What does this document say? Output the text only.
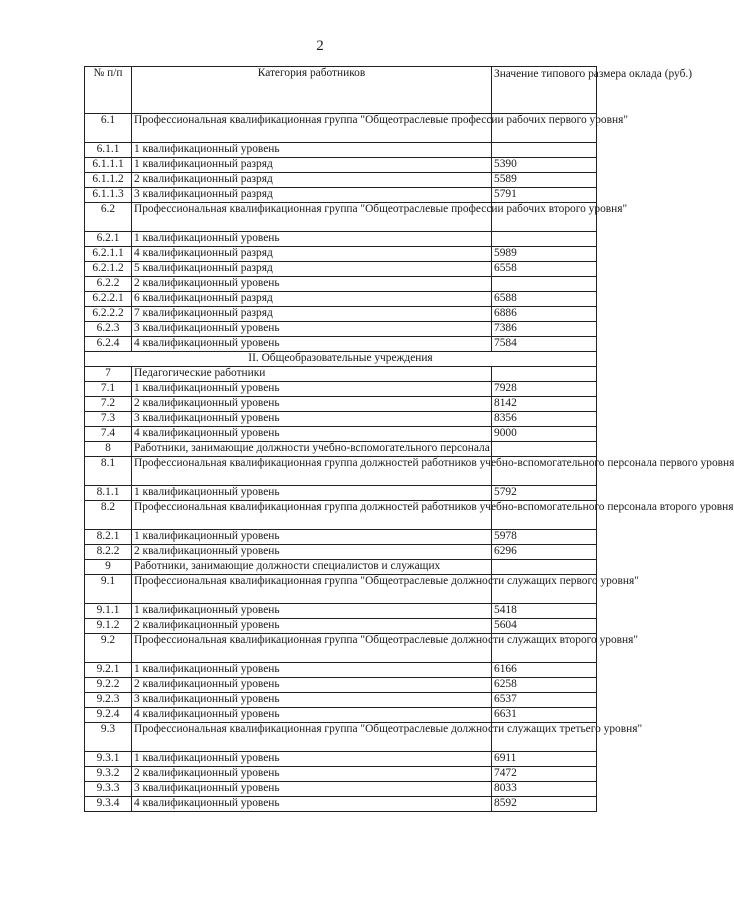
2
№ п/п	Категория работников	Значение типового размера оклада (руб.)
6.1	Профессиональная квалификационная группа "Общеотраслевые профессии рабочих первого уровня"	
6.1.1	1 квалификационный уровень	
6.1.1.1	1 квалификационный разряд	5390
6.1.1.2	2 квалификационный разряд	5589
6.1.1.3	3 квалификационный разряд	5791
6.2	Профессиональная квалификационная группа "Общеотраслевые профессии рабочих второго уровня"	
6.2.1	1 квалификационный уровень	
6.2.1.1	4 квалификационный разряд	5989
6.2.1.2	5 квалификационный разряд	6558
6.2.2	2 квалификационный уровень	
6.2.2.1	6 квалификационный разряд	6588
6.2.2.2	7 квалификационный разряд	6886
6.2.3	3 квалификационный уровень	7386
6.2.4	4 квалификационный уровень	7584
II. Общеобразовательные учреждения		
7	Педагогические работники	
7.1	1 квалификационный уровень	7928
7.2	2 квалификационный уровень	8142
7.3	3 квалификационный уровень	8356
7.4	4 квалификационный уровень	9000
8	Работники, занимающие должности учебно-вспомогательного персонала	
8.1	Профессиональная квалификационная группа должностей работников учебно-вспомогательного персонала первого уровня	
8.1.1	1 квалификационный уровень	5792
8.2	Профессиональная квалификационная группа должностей работников учебно-вспомогательного персонала второго уровня	
8.2.1	1 квалификационный уровень	5978
8.2.2	2 квалификационный уровень	6296
9	Работники, занимающие должности специалистов и служащих	
9.1	Профессиональная квалификационная группа "Общеотраслевые должности служащих первого уровня"	
9.1.1	1 квалификационный уровень	5418
9.1.2	2 квалификационный уровень	5604
9.2	Профессиональная квалификационная группа "Общеотраслевые должности служащих второго уровня"	
9.2.1	1 квалификационный уровень	6166
9.2.2	2 квалификационный уровень	6258
9.2.3	3 квалификационный уровень	6537
9.2.4	4 квалификационный уровень	6631
9.3	Профессиональная квалификационная группа "Общеотраслевые должности служащих третьего уровня"	
9.3.1	1 квалификационный уровень	6911
9.3.2	2 квалификационный уровень	7472
9.3.3	3 квалификационный уровень	8033
9.3.4	4 квалификационный уровень	8592
